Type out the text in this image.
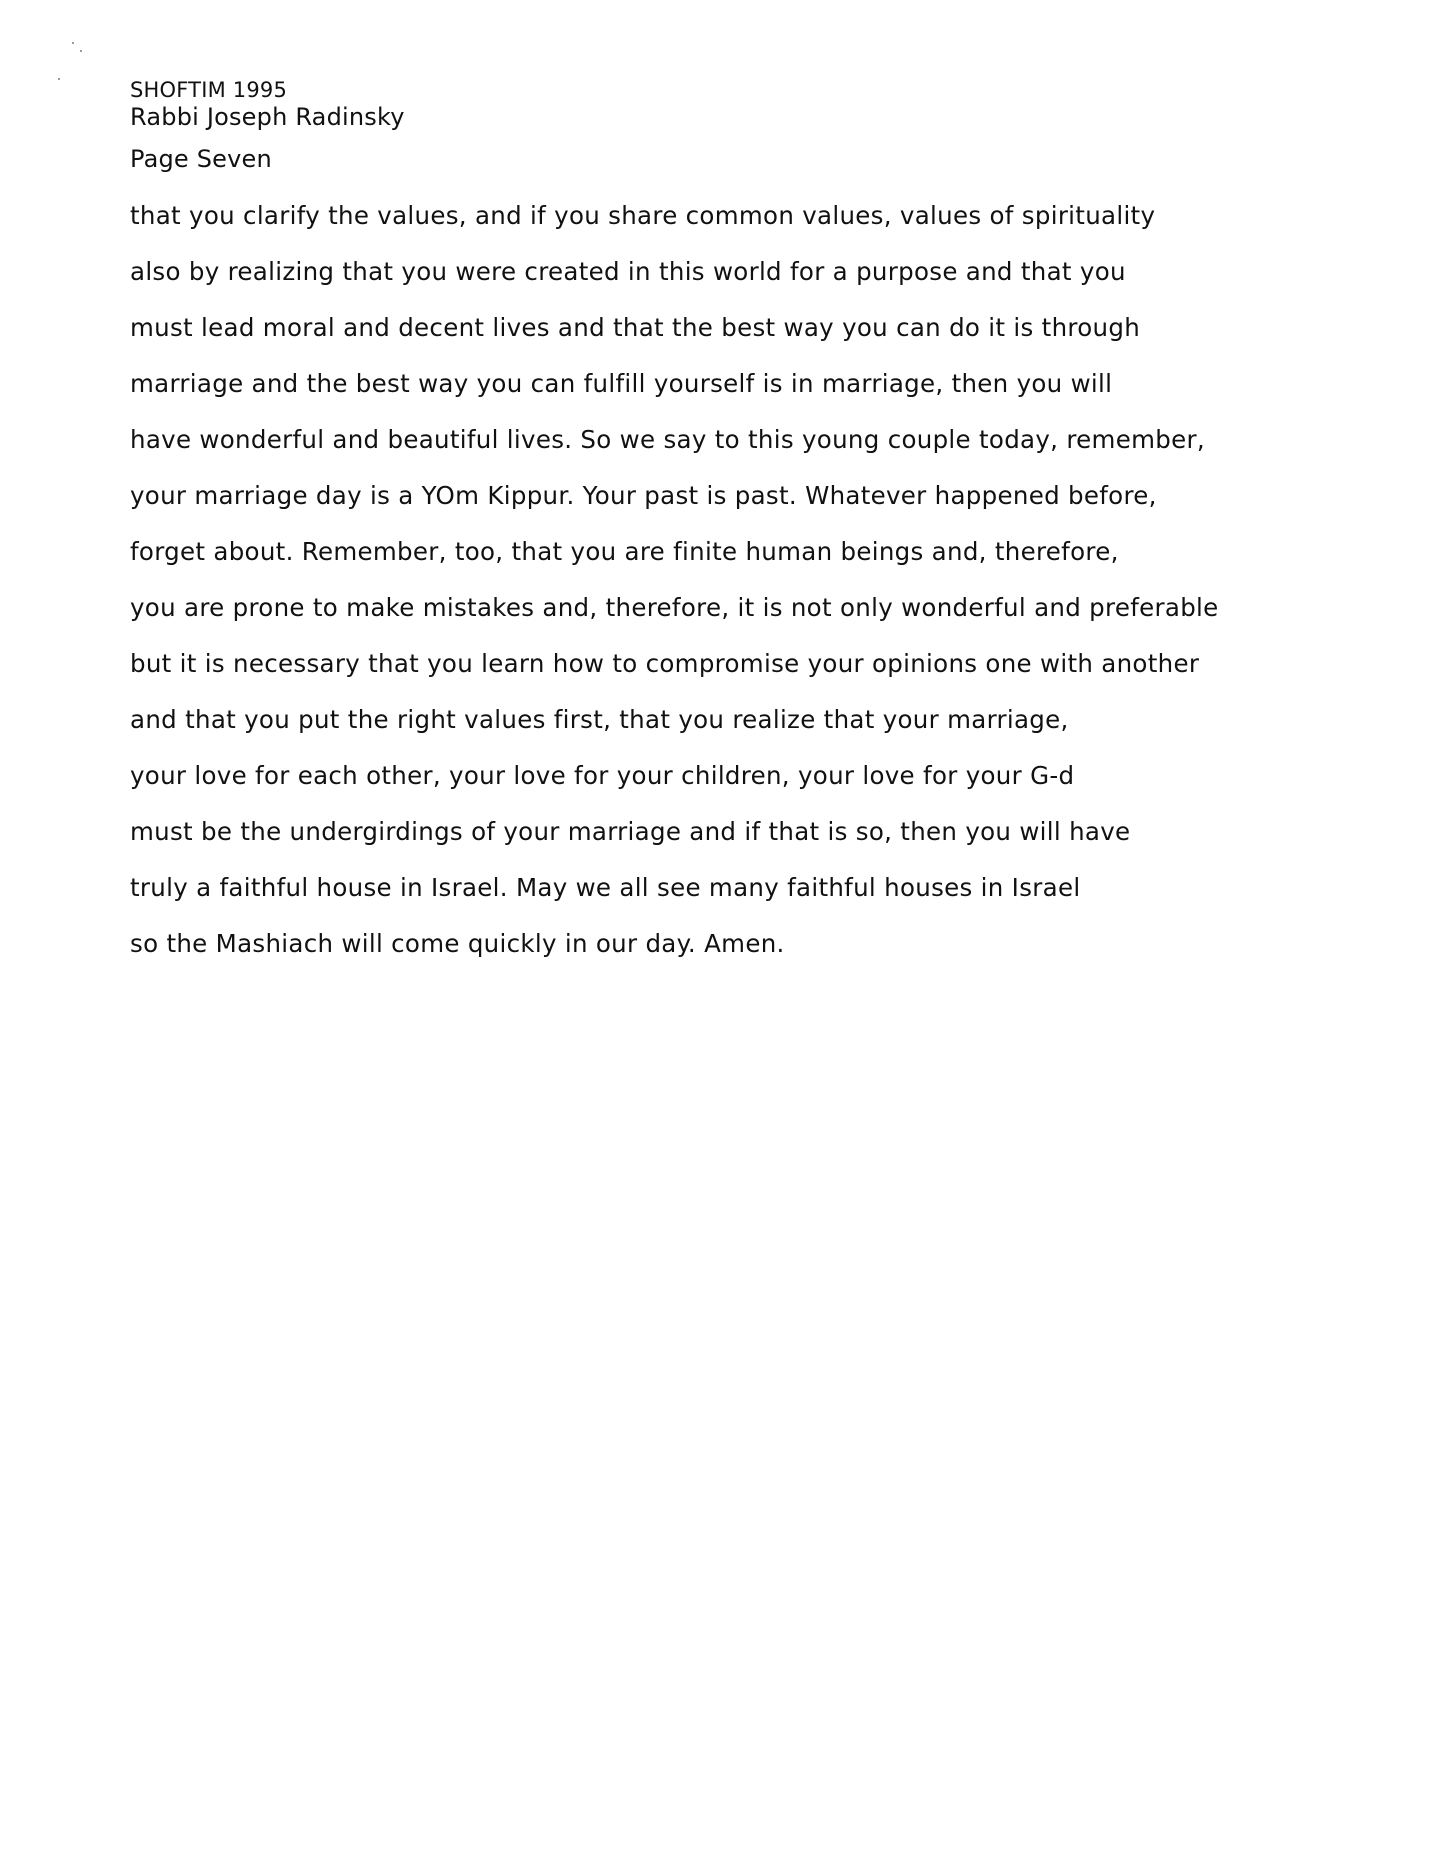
SHOFTIM 1995
Rabbi Joseph Radinsky
Page Seven
that you clarify the values, and if you share common values, values of spirituality
also by realizing that you were created in this world for a purpose and that you
must lead moral and decent lives and that the best way you can do it is through
marriage and the best way you can fulfill yourself is in marriage, then you will
have wonderful and beautiful lives. So we say to this young couple today, remember,
your marriage day is a YOm Kippur. Your past is past. Whatever happened before,
forget about. Remember, too, that you are finite human beings and, therefore,
you are prone to make mistakes and, therefore, it is not only wonderful and preferable
but it is necessary that you learn how to compromise your opinions one with another
and that you put the right values first, that you realize that your marriage,
your love for each other, your love for your children, your love for your G-d
must be the undergirdings of your marriage and if that is so, then you will have
truly a faithful house in Israel. May we all see many faithful houses in Israel
so the Mashiach will come quickly in our day. Amen.
